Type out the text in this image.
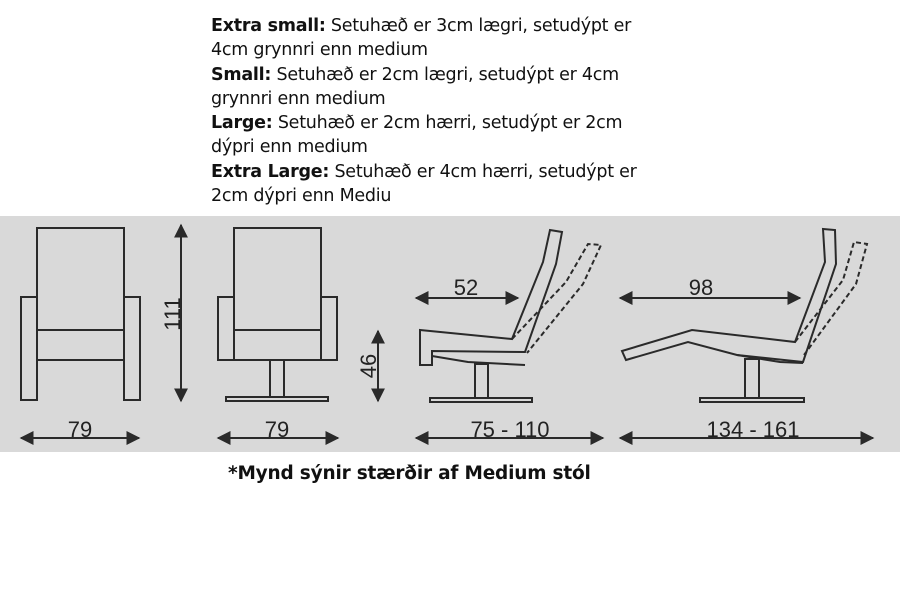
Extra small: Setuhæð er 3cm lægri, setudýpt er 4cm grynnri enn medium

Small: Setuhæð er 2cm lægri, setudýpt er 4cm grynnri enn medium

Large: Setuhæð er 2cm hærri, setudýpt er 2cm dýpri enn medium

Extra Large: Setuhæð er 4cm hærri, setudýpt er 2cm dýpri enn Mediu

79	79
111
46
52
75 - 110
98
134 - 161
*Mynd sýnir stærðir af Medium stól
